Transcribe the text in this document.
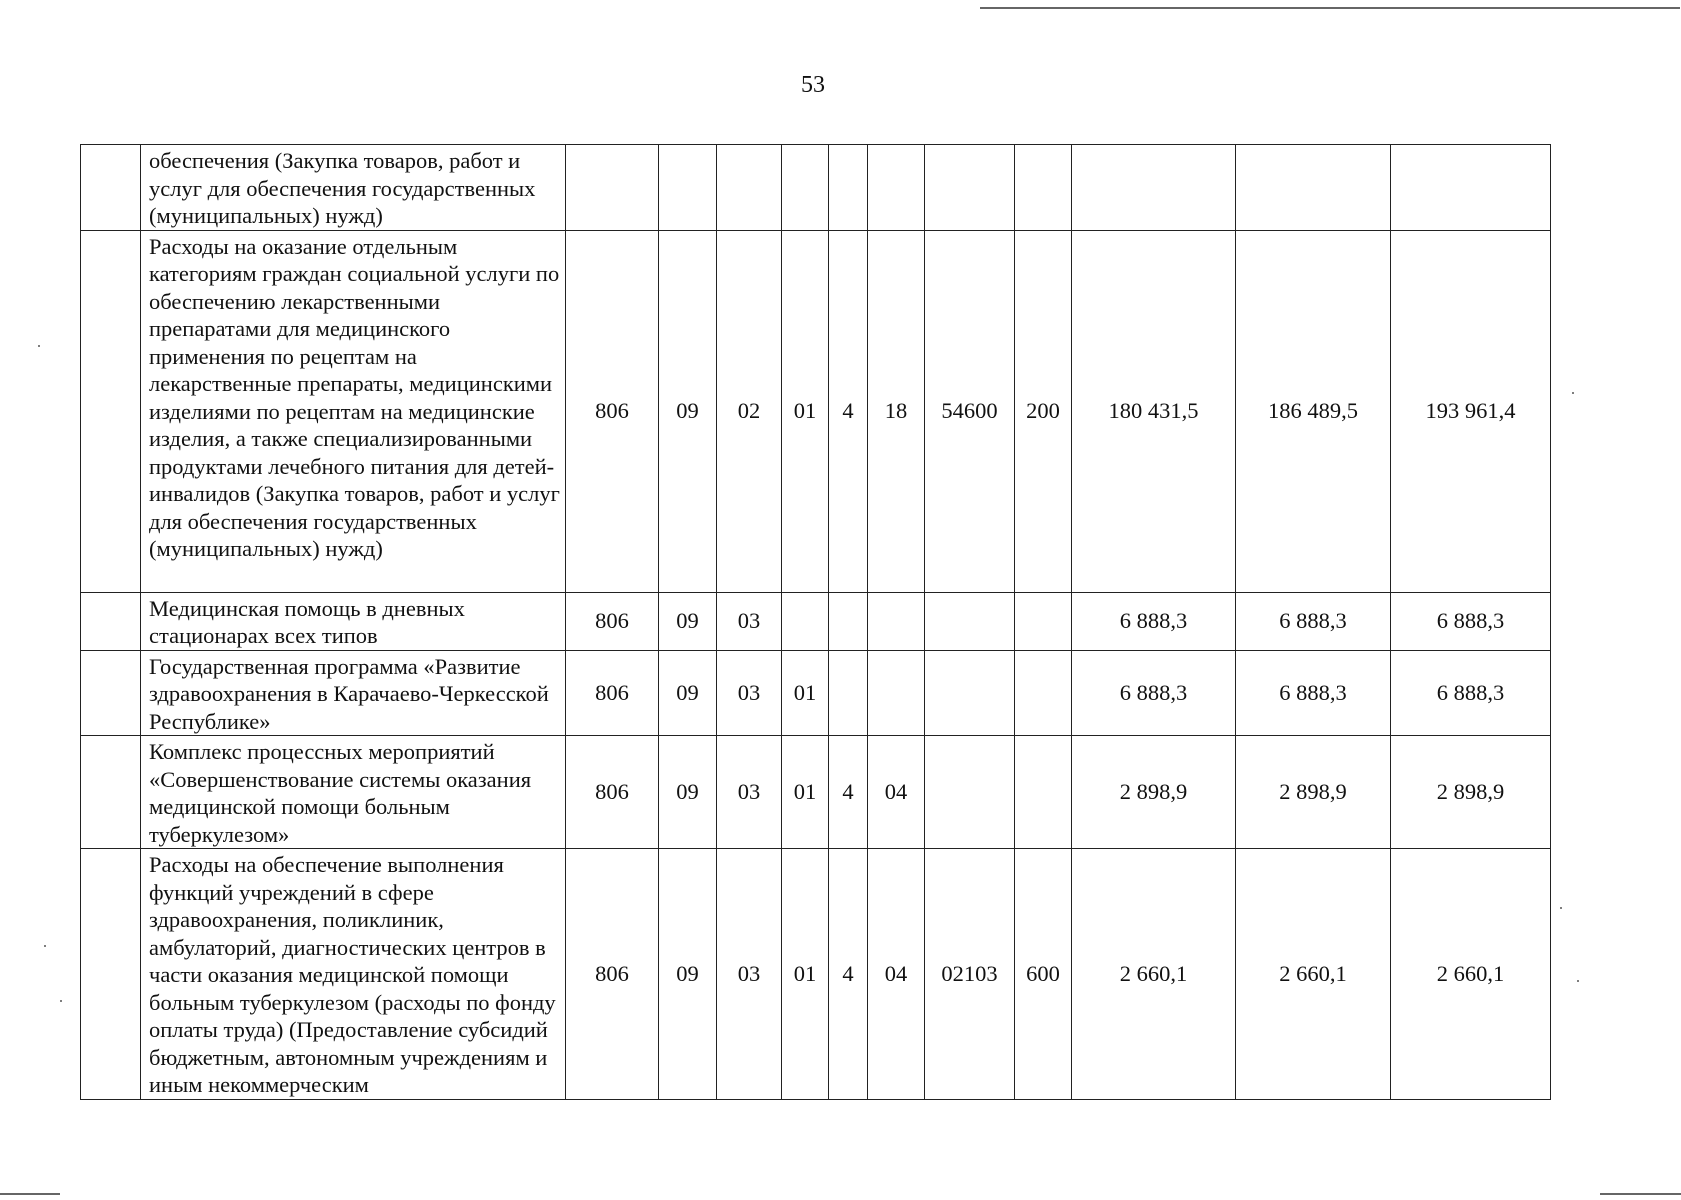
53
	обеспечения (Закупка товаров, работ и услуг для обеспечения государственных (муниципальных) нужд)											
	Расходы на оказание отдельным категориям граждан социальной услуги по обеспечению лекарственными препаратами для медицинского применения по рецептам на лекарственные препараты, медицинскими изделиями по рецептам на медицинские изделия, а также специализированными продуктами лечебного питания для детей-инвалидов (Закупка товаров, работ и услуг для обеспечения государственных (муниципальных) нужд)	806	09	02	01	4	18	54600	200	180 431,5	186 489,5	193 961,4
	Медицинская помощь в дневных стационарах всех типов	806	09	03						6 888,3	6 888,3	6 888,3
	Государственная программа «Развитие здравоохранения в Карачаево-Черкесской Республике»	806	09	03	01					6 888,3	6 888,3	6 888,3
	Комплекс процессных мероприятий «Совершенствование системы оказания медицинской помощи больным туберкулезом»	806	09	03	01	4	04			2 898,9	2 898,9	2 898,9
	Расходы на обеспечение выполнения функций учреждений в сфере здравоохранения, поликлиник, амбулаторий, диагностических центров в части оказания медицинской помощи больным туберкулезом (расходы по фонду оплаты труда) (Предоставление субсидий бюджетным, автономным учреждениям и иным некоммерческим	806	09	03	01	4	04	02103	600	2 660,1	2 660,1	2 660,1
